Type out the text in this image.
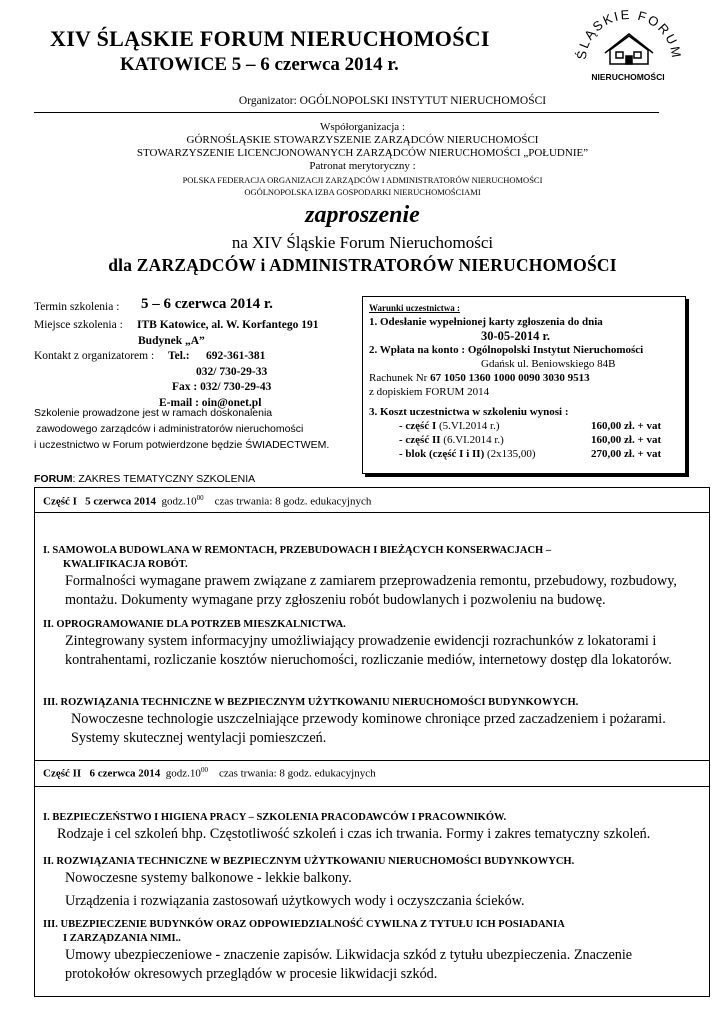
XIV ŚLĄSKIE FORUM NIERUCHOMOŚCI
KATOWICE 5 – 6 czerwca 2014 r.	ŚLĄSKIE FORU
NIERUCHOMOŚCI
Organizator: OGÓLNOPOLSKI INSTYTUT NIERUCHOMOŚCI
Współorganizacja :
GÓRNOŚLĄSKIE STOWARZYSZENIE ZARZĄDCÓW NIERUCHOMOŚCI
STOWARZYSZENIE LICENCJONOWANYCH ZARZĄDCÓW NIERUCHOMOŚCI „POŁUDNIE”
Patronat merytoryczny :
POLSKA FEDERACJA ORGANIZACJI ZARZĄDCÓW I ADMINISTRATORÓW NIERUCHOMOŚCI
OGÓLNOPOLSKA IZBA GOSPODARKI NIERUCHOMOŚCIAMI
zaproszenie
na XIV Śląskie Forum Nieruchomości
dla ZARZĄDCÓW i ADMINISTRATORÓW NIERUCHOMOŚCI
Termin szkolenia : 5 – 6 czerwca 2014 r.
Miejsce szkolenia : ITB Katowice, al. W. Korfantego 191
Budynek „A”
Kontakt z organizatorem : Tel.: 692-361-381
032/ 730-29-33
Fax : 032/ 730-29-43
E-mail : oin@onet.pl
Szkolenie prowadzone jest w ramach doskonalenia
zawodowego zarządców i administratorów nieruchomości
i uczestnictwo w Forum potwierdzone będzie ŚWIADECTWEM.
Warunki uczestnictwa :
1. Odesłanie wypełnionej karty zgłoszenia do dnia
30-05-2014 r.
2. Wpłata na konto : Ogólnopolski Instytut Nieruchomości
Gdańsk ul. Beniowskiego 84B
Rachunek Nr 67 1050 1360 1000 0090 3030 9513
z dopiskiem FORUM 2014
3. Koszt uczestnictwa w szkoleniu wynosi :
- część I (5.VI.2014 r.)	160,00 zł. + vat
- część II (6.VI.2014 r.)	160,00 zł. + vat
- blok (część I i II) (2x135,00)	270,00 zł. + vat
FORUM: ZAKRES TEMATYCZNY SZKOLENIA
Część I 5 czerwca 2014 $godz.10^{00}$ czas trwania: 8 godz. edukacyjnych
I. SAMOWOLA BUDOWLANA W REMONTACH, PRZEBUDOWACH I BIEŻĄCYCH KONSERWACJACH –
KWALIFIKACJA ROBÓT.

Formalności wymagane prawem związane z zamiarem przeprowadzenia remontu, przebudowy, rozbudowy, montażu. Dokumenty wymagane przy zgłoszeniu robót budowlanych i pozwoleniu na budowę.

II. OPROGRAMOWANIE DLA POTRZEB MIESZKALNICTWA.

Zintegrowany system informacyjny umożliwiający prowadzenie ewidencji rozrachunków z lokatorami i kontrahentami, rozliczanie kosztów nieruchomości, rozliczanie mediów, internetowy dostęp dla lokatorów.

III. ROZWIĄZANIA TECHNICZNE W BEZPIECZNYM UŻYTKOWANIU NIERUCHOMOŚCI BUDYNKOWYCH.

Nowoczesne technologie uszczelniające przewody kominowe chroniące przed zaczadzeniem i pożarami. Systemy skutecznej wentylacji pomieszczeń.

Część II 6 czerwca 2014 $godz.10^{00}$ czas trwania: 8 godz. edukacyjnych
I. BEZPIECZEŃSTWO I HIGIENA PRACY – SZKOLENIA PRACODAWCÓW I PRACOWNIKÓW.

Rodzaje i cel szkoleń bhp. Częstotliwość szkoleń i czas ich trwania. Formy i zakres tematyczny szkoleń.

II. ROZWIĄZANIA TECHNICZNE W BEZPIECZNYM UŻYTKOWANIU NIERUCHOMOŚCI BUDYNKOWYCH.

Nowoczesne systemy balkonowe - lekkie balkony.

Urządzenia i rozwiązania zastosowań użytkowych wody i oczyszczania ścieków.

III. UBEZPIECZENIE BUDYNKÓW ORAZ ODPOWIEDZIALNOŚĆ CYWILNA Z TYTUŁU ICH POSIADANIA
I ZARZĄDZANIA NIMI..

Umowy ubezpieczeniowe - znaczenie zapisów. Likwidacja szkód z tytułu ubezpieczenia. Znaczenie protokołów okresowych przeglądów w procesie likwidacji szkód.
